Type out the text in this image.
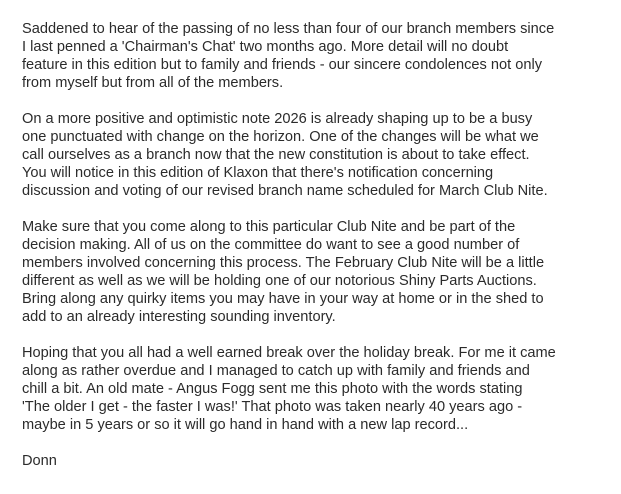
Saddened to hear of the passing of no less than four of our branch members since
I last penned a 'Chairman's Chat' two months ago. More detail will no doubt
feature in this edition but to family and friends - our sincere condolences not only
from myself but from all of the members.

On a more positive and optimistic note 2026 is already shaping up to be a busy
one punctuated with change on the horizon. One of the changes will be what we
call ourselves as a branch now that the new constitution is about to take effect.
You will notice in this edition of Klaxon that there's notification concerning
discussion and voting of our revised branch name scheduled for March Club Nite.

Make sure that you come along to this particular Club Nite and be part of the
decision making. All of us on the committee do want to see a good number of
members involved concerning this process. The February Club Nite will be a little
different as well as we will be holding one of our notorious Shiny Parts Auctions.
Bring along any quirky items you may have in your way at home or in the shed to
add to an already interesting sounding inventory.

Hoping that you all had a well earned break over the holiday break. For me it came
along as rather overdue and I managed to catch up with family and friends and
chill a bit. An old mate - Angus Fogg sent me this photo with the words stating
'The older I get - the faster I was!' That photo was taken nearly 40 years ago -
maybe in 5 years or so it will go hand in hand with a new lap record...

Donn
